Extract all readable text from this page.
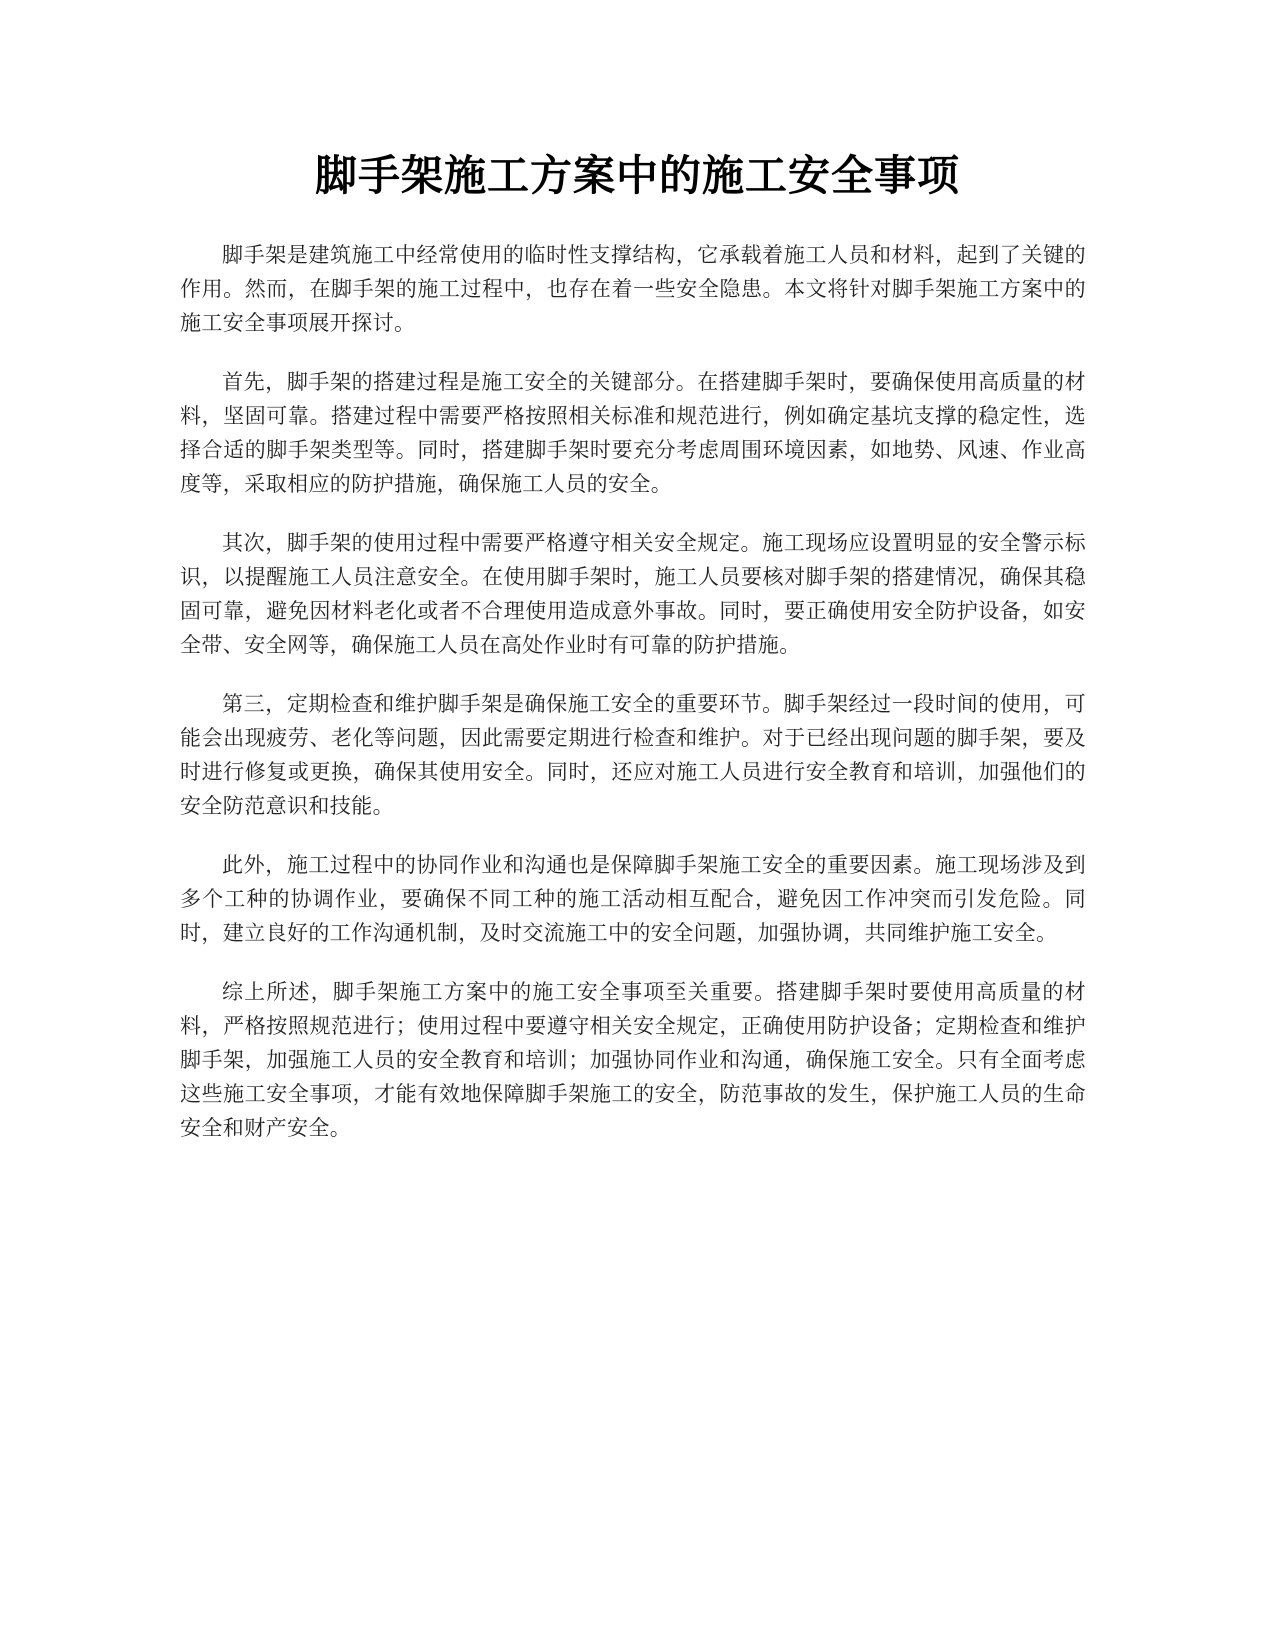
脚手架施工方案中的施工安全事项

脚手架是建筑施工中经常使用的临时性支撑结构，它承载着施工人员和材料，起到了关键的作用。然而，在脚手架的施工过程中，也存在着一些安全隐患。本文将针对脚手架施工方案中的施工安全事项展开探讨。

首先，脚手架的搭建过程是施工安全的关键部分。在搭建脚手架时，要确保使用高质量的材料，坚固可靠。搭建过程中需要严格按照相关标准和规范进行，例如确定基坑支撑的稳定性，选择合适的脚手架类型等。同时，搭建脚手架时要充分考虑周围环境因素，如地势、风速、作业高度等，采取相应的防护措施，确保施工人员的安全。

其次，脚手架的使用过程中需要严格遵守相关安全规定。施工现场应设置明显的安全警示标识，以提醒施工人员注意安全。在使用脚手架时，施工人员要核对脚手架的搭建情况，确保其稳固可靠，避免因材料老化或者不合理使用造成意外事故。同时，要正确使用安全防护设备，如安全带、安全网等，确保施工人员在高处作业时有可靠的防护措施。

第三，定期检查和维护脚手架是确保施工安全的重要环节。脚手架经过一段时间的使用，可能会出现疲劳、老化等问题，因此需要定期进行检查和维护。对于已经出现问题的脚手架，要及时进行修复或更换，确保其使用安全。同时，还应对施工人员进行安全教育和培训，加强他们的安全防范意识和技能。

此外，施工过程中的协同作业和沟通也是保障脚手架施工安全的重要因素。施工现场涉及到多个工种的协调作业，要确保不同工种的施工活动相互配合，避免因工作冲突而引发危险。同时，建立良好的工作沟通机制，及时交流施工中的安全问题，加强协调，共同维护施工安全。

综上所述，脚手架施工方案中的施工安全事项至关重要。搭建脚手架时要使用高质量的材料，严格按照规范进行；使用过程中要遵守相关安全规定，正确使用防护设备；定期检查和维护脚手架，加强施工人员的安全教育和培训；加强协同作业和沟通，确保施工安全。只有全面考虑这些施工安全事项，才能有效地保障脚手架施工的安全，防范事故的发生，保护施工人员的生命安全和财产安全。
